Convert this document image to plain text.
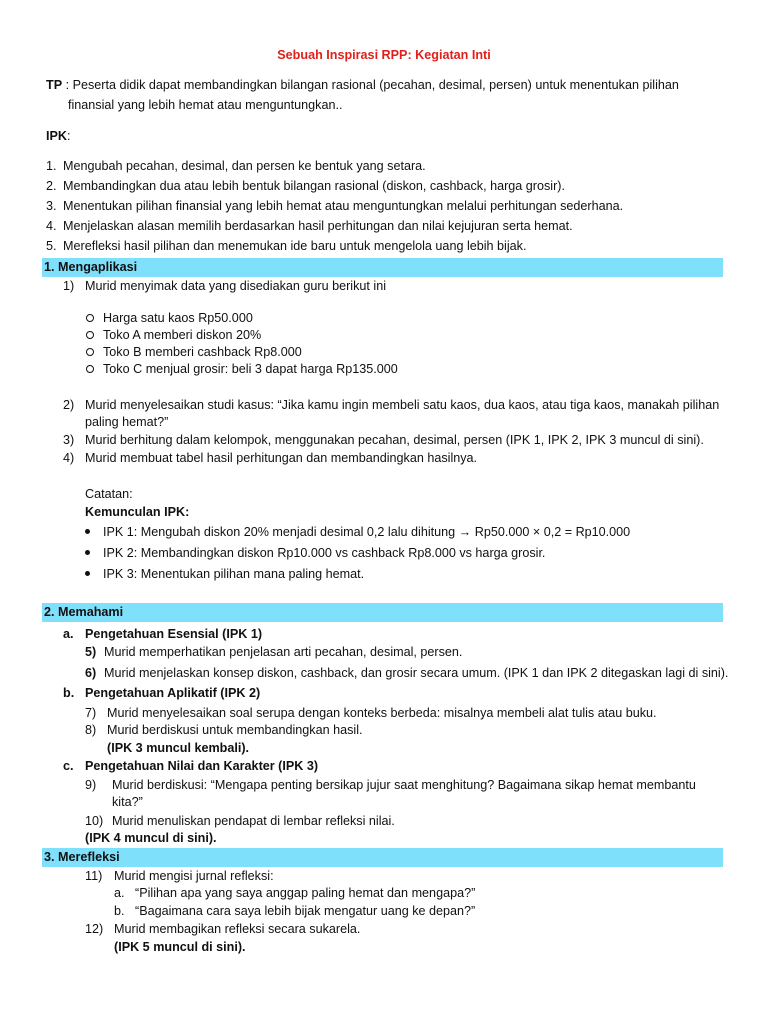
Sebuah Inspirasi RPP: Kegiatan Inti
TP : Peserta didik dapat membandingkan bilangan rasional (pecahan, desimal, persen) untuk menentukan pilihan
finansial yang lebih hemat atau menguntungkan..
IPK:
1. Mengubah pecahan, desimal, dan persen ke bentuk yang setara.
2. Membandingkan dua atau lebih bentuk bilangan rasional (diskon, cashback, harga grosir).
3. Menentukan pilihan finansial yang lebih hemat atau menguntungkan melalui perhitungan sederhana.
4. Menjelaskan alasan memilih berdasarkan hasil perhitungan dan nilai kejujuran serta hemat.
5. Merefleksi hasil pilihan dan menemukan ide baru untuk mengelola uang lebih bijak.
1. Mengaplikasi
1) Murid menyimak data yang disediakan guru berikut ini
Harga satu kaos Rp50.000
Toko A memberi diskon 20%
Toko B memberi cashback Rp8.000
Toko C menjual grosir: beli 3 dapat harga Rp135.000
2) Murid menyelesaikan studi kasus: “Jika kamu ingin membeli satu kaos, dua kaos, atau tiga kaos, manakah pilihan
paling hemat?”
3) Murid berhitung dalam kelompok, menggunakan pecahan, desimal, persen (IPK 1, IPK 2, IPK 3 muncul di sini).
4) Murid membuat tabel hasil perhitungan dan membandingkan hasilnya.
Catatan:
Kemunculan IPK:
IPK 1: Mengubah diskon 20% menjadi desimal 0,2 lalu dihitung → Rp50.000 × 0,2 = Rp10.000
IPK 2: Membandingkan diskon Rp10.000 vs cashback Rp8.000 vs harga grosir.
IPK 3: Menentukan pilihan mana paling hemat.
2. Memahami
a. Pengetahuan Esensial (IPK 1)
5) Murid memperhatikan penjelasan arti pecahan, desimal, persen.
6) Murid menjelaskan konsep diskon, cashback, dan grosir secara umum. (IPK 1 dan IPK 2 ditegaskan lagi di sini).
b. Pengetahuan Aplikatif (IPK 2)
7) Murid menyelesaikan soal serupa dengan konteks berbeda: misalnya membeli alat tulis atau buku.
8) Murid berdiskusi untuk membandingkan hasil.
(IPK 3 muncul kembali).
c. Pengetahuan Nilai dan Karakter (IPK 3)
9) Murid berdiskusi: “Mengapa penting bersikap jujur saat menghitung? Bagaimana sikap hemat membantu
kita?”
10) Murid menuliskan pendapat di lembar refleksi nilai.
(IPK 4 muncul di sini).
3. Merefleksi
11) Murid mengisi jurnal refleksi:
a. “Pilihan apa yang saya anggap paling hemat dan mengapa?”
b. “Bagaimana cara saya lebih bijak mengatur uang ke depan?”
12) Murid membagikan refleksi secara sukarela.
(IPK 5 muncul di sini).
